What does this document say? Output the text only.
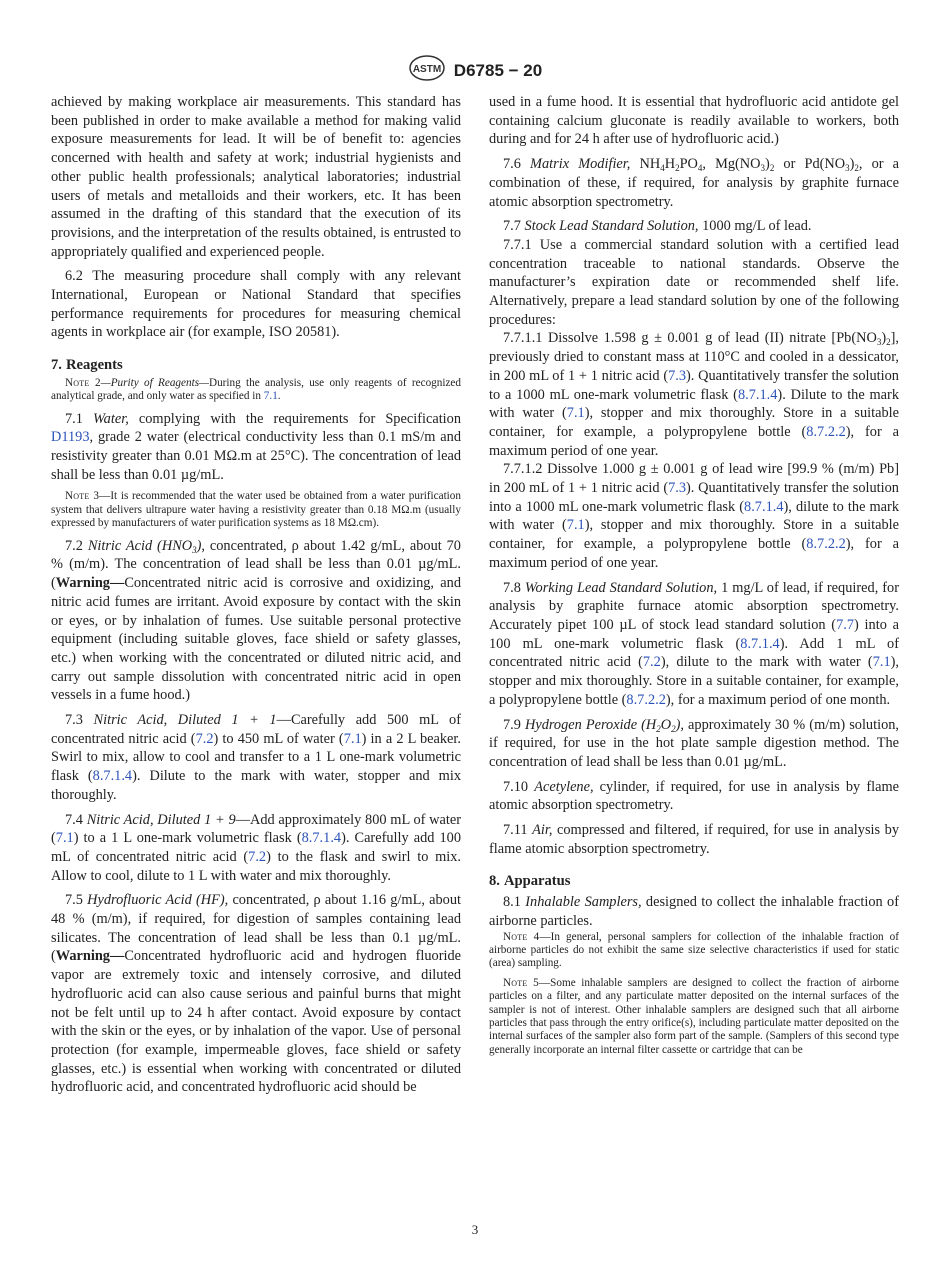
ASTM D6785 − 20

achieved by making workplace air measurements. This standard has been published in order to make available a method for making valid exposure measurements for lead. It will be of benefit to: agencies concerned with health and safety at work; industrial hygienists and other public health professionals; analytical laboratories; industrial users of metals and metalloids and their workers, etc. It has been assumed in the drafting of this standard that the execution of its provisions, and the interpretation of the results obtained, is entrusted to appropriately qualified and experienced people.

6.2 The measuring procedure shall comply with any relevant International, European or National Standard that specifies performance requirements for procedures for measuring chemical agents in workplace air (for example, ISO 20581).

7. Reagents
Note 2—Purity of Reagents—During the analysis, use only reagents of recognized analytical grade, and only water as specified in 7.1.

7.1 Water, complying with the requirements for Specification D1193, grade 2 water (electrical conductivity less than 0.1 mS/m and resistivity greater than 0.01 MΩ.m at 25°C). The concentration of lead shall be less than 0.01 µg/mL.

Note 3—It is recommended that the water used be obtained from a water purification system that delivers ultrapure water having a resistivity greater than 0.18 MΩ.m (usually expressed by manufacturers of water purification systems as 18 MΩ.cm).

7.2 Nitric Acid $(HNO_3)$, concentrated, ρ about 1.42 g/mL, about 70 % (m/m). The concentration of lead shall be less than 0.01 µg/mL. (Warning—Concentrated nitric acid is corrosive and oxidizing, and nitric acid fumes are irritant. Avoid exposure by contact with the skin or eyes, or by inhalation of fumes. Use suitable personal protective equipment (including suitable gloves, face shield or safety glasses, etc.) when working with the concentrated or diluted nitric acid, and carry out sample dissolution with concentrated nitric acid in open vessels in a fume hood.)

7.3 Nitric Acid, Diluted 1 + 1—Carefully add 500 mL of concentrated nitric acid (7.2) to 450 mL of water (7.1) in a 2 L beaker. Swirl to mix, allow to cool and transfer to a 1 L one-mark volumetric flask (8.7.1.4). Dilute to the mark with water, stopper and mix thoroughly.

7.4 Nitric Acid, Diluted 1 + 9—Add approximately 800 mL of water (7.1) to a 1 L one-mark volumetric flask (8.7.1.4). Carefully add 100 mL of concentrated nitric acid (7.2) to the flask and swirl to mix. Allow to cool, dilute to 1 L with water and mix thoroughly.

7.5 Hydrofluoric Acid (HF), concentrated, ρ about 1.16 g/mL, about 48 % (m/m), if required, for digestion of samples containing lead silicates. The concentration of lead shall be less than 0.1 µg/mL. (Warning—Concentrated hydrofluoric acid and hydrogen fluoride vapor are extremely toxic and intensely corrosive, and diluted hydrofluoric acid can also cause serious and painful burns that might not be felt until up to 24 h after contact. Avoid exposure by contact with the skin or the eyes, or by inhalation of the vapor. Use of personal protection (for example, impermeable gloves, face shield or safety glasses, etc.) is essential when working with concentrated or diluted hydrofluoric acid, and concentrated hydrofluoric acid should be

used in a fume hood. It is essential that hydrofluoric acid antidote gel containing calcium gluconate is readily available to workers, both during and for 24 h after use of hydrofluoric acid.)

7.6 Matrix Modifier, $NH_4H_2PO_4$, $Mg(NO_3)_2$ or $Pd(NO_3)_2$, or a combination of these, if required, for analysis by graphite furnace atomic absorption spectrometry.

7.7 Stock Lead Standard Solution, 1000 mg/L of lead.

7.7.1 Use a commercial standard solution with a certified lead concentration traceable to national standards. Observe the manufacturer’s expiration date or recommended shelf life. Alternatively, prepare a lead standard solution by one of the following procedures:

7.7.1.1 Dissolve 1.598 g ± 0.001 g of lead (II) nitrate $[Pb(NO_3)_2]$, previously dried to constant mass at 110°C and cooled in a dessicator, in 200 mL of 1 + 1 nitric acid (7.3). Quantitatively transfer the solution to a 1000 mL one-mark volumetric flask (8.7.1.4). Dilute to the mark with water (7.1), stopper and mix thoroughly. Store in a suitable container, for example, a polypropylene bottle (8.7.2.2), for a maximum period of one year.

7.7.1.2 Dissolve 1.000 g ± 0.001 g of lead wire [99.9 % (m/m) Pb] in 200 mL of 1 + 1 nitric acid (7.3). Quantitatively transfer the solution into a 1000 mL one-mark volumetric flask (8.7.1.4), dilute to the mark with water (7.1), stopper and mix thoroughly. Store in a suitable container, for example, a polypropylene bottle (8.7.2.2), for a maximum period of one year.

7.8 Working Lead Standard Solution, 1 mg/L of lead, if required, for analysis by graphite furnace atomic absorption spectrometry. Accurately pipet 100 µL of stock lead standard solution (7.7) into a 100 mL one-mark volumetric flask (8.7.1.4). Add 1 mL of concentrated nitric acid (7.2), dilute to the mark with water (7.1), stopper and mix thoroughly. Store in a suitable container, for example, a polypropylene bottle (8.7.2.2), for a maximum period of one month.

7.9 Hydrogen Peroxide $(H_2O_2)$, approximately 30 % (m/m) solution, if required, for use in the hot plate sample digestion method. The concentration of lead shall be less than 0.01 µg/mL.

7.10 Acetylene, cylinder, if required, for use in analysis by flame atomic absorption spectrometry.

7.11 Air, compressed and filtered, if required, for use in analysis by flame atomic absorption spectrometry.

8. Apparatus

8.1 Inhalable Samplers, designed to collect the inhalable fraction of airborne particles.

Note 4—In general, personal samplers for collection of the inhalable fraction of airborne particles do not exhibit the same size selective characteristics if used for static (area) sampling.
Note 5—Some inhalable samplers are designed to collect the fraction of airborne particles on a filter, and any particulate matter deposited on the internal surfaces of the sampler is not of interest. Other inhalable samplers are designed such that all airborne particles that pass through the entry orifice(s), including particulate matter deposited on the internal surfaces of the sampler also form part of the sample. (Samplers of this second type generally incorporate an internal filter cassette or cartridge that can be
3
